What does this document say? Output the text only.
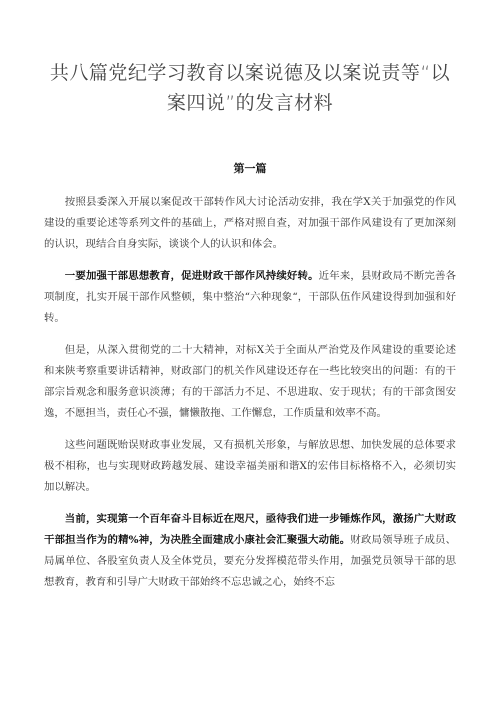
共八篇党纪学习教育以案说德及以案说责等“以案四说”的发言材料
第一篇

按照县委深入开展以案促改干部转作风大讨论活动安排，我在学X关于加强党的作风建设的重要论述等系列文件的基础上，严格对照自查，对加强干部作风建设有了更加深刻的认识，现结合自身实际，谈谈个人的认识和体会。

一要加强干部思想教育，促进财政干部作风持续好转。近年来，县财政局不断完善各项制度，扎实开展干部作风整顿，集中整治“六种现象“，干部队伍作风建设得到加强和好转。

但是，从深入贯彻党的二十大精神，对标X关于全面从严治党及作风建设的重要论述和来陕考察重要讲话精神，财政部门的机关作风建设还存在一些比较突出的问题：有的干部宗旨观念和服务意识淡薄；有的干部活力不足、不思进取、安于现状；有的干部贪图安逸，不愿担当，责任心不强，慵懒散拖、工作懈怠，工作质量和效率不高。

这些问题既贻误财政事业发展，又有损机关形象，与解放思想、加快发展的总体要求极不相称，也与实现财政跨越发展、建设幸福美丽和谐X的宏伟目标格格不入，必须切实加以解决。

当前，实现第一个百年奋斗目标近在咫尺，亟待我们进一步锤炼作风，激扬广大财政干部担当作为的精%神，为决胜全面建成小康社会汇聚强大动能。财政局领导班子成员、局属单位、各股室负责人及全体党员，要充分发挥模范带头作用，加强党员领导干部的思想教育，教育和引导广大财政干部始终不忘忠诚之心，始终不忘
